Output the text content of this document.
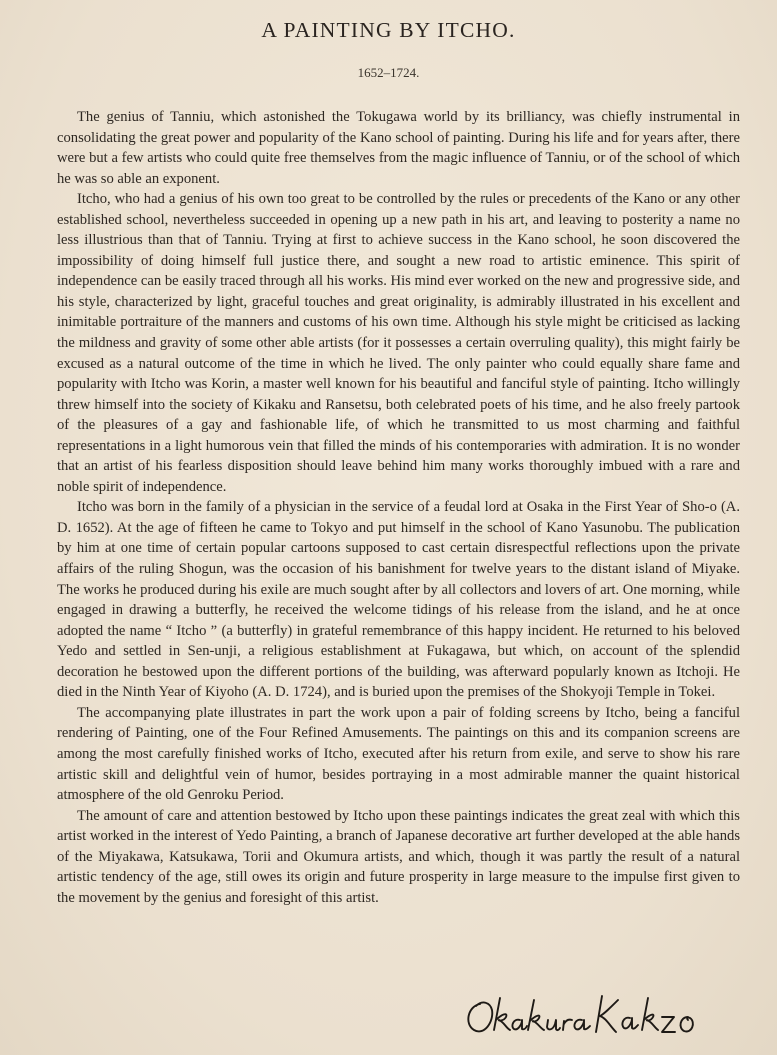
A PAINTING BY ITCHO.
1652–1724.

The genius of Tanniu, which astonished the Tokugawa world by its brilliancy, was chiefly instrumental in consolidating the great power and popularity of the Kano school of painting. During his life and for years after, there were but a few artists who could quite free themselves from the magic influence of Tanniu, or of the school of which he was so able an exponent.

Itcho, who had a genius of his own too great to be controlled by the rules or precedents of the Kano or any other established school, nevertheless succeeded in opening up a new path in his art, and leaving to posterity a name no less illustrious than that of Tanniu. Trying at first to achieve success in the Kano school, he soon discovered the impossibility of doing himself full justice there, and sought a new road to artistic eminence. This spirit of independence can be easily traced through all his works. His mind ever worked on the new and progressive side, and his style, characterized by light, graceful touches and great originality, is admirably illustrated in his excellent and inimitable portraiture of the manners and customs of his own time. Although his style might be criticised as lacking the mildness and gravity of some other able artists (for it possesses a certain overruling quality), this might fairly be excused as a natural outcome of the time in which he lived. The only painter who could equally share fame and popularity with Itcho was Korin, a master well known for his beautiful and fanciful style of painting. Itcho willingly threw himself into the society of Kikaku and Ransetsu, both celebrated poets of his time, and he also freely partook of the pleasures of a gay and fashionable life, of which he transmitted to us most charming and faithful representations in a light humorous vein that filled the minds of his contemporaries with admiration. It is no wonder that an artist of his fearless disposition should leave behind him many works thoroughly imbued with a rare and noble spirit of independence.

Itcho was born in the family of a physician in the service of a feudal lord at Osaka in the First Year of Sho-o (A. D. 1652). At the age of fifteen he came to Tokyo and put himself in the school of Kano Yasunobu. The publication by him at one time of certain popular cartoons supposed to cast certain disrespectful reflections upon the private affairs of the ruling Shogun, was the occasion of his banishment for twelve years to the distant island of Miyake. The works he produced during his exile are much sought after by all collectors and lovers of art. One morning, while engaged in drawing a butterfly, he received the welcome tidings of his release from the island, and he at once adopted the name “ Itcho ” (a butterfly) in grateful remembrance of this happy incident. He returned to his beloved Yedo and settled in Sen-unji, a religious establishment at Fukagawa, but which, on account of the splendid decoration he bestowed upon the different portions of the building, was afterward popularly known as Itchoji. He died in the Ninth Year of Kiyoho (A. D. 1724), and is buried upon the premises of the Shokyoji Temple in Tokei.

The accompanying plate illustrates in part the work upon a pair of folding screens by Itcho, being a fanciful rendering of Painting, one of the Four Refined Amusements. The paintings on this and its companion screens are among the most carefully finished works of Itcho, executed after his return from exile, and serve to show his rare artistic skill and delightful vein of humor, besides portraying in a most admirable manner the quaint historical atmosphere of the old Genroku Period.

The amount of care and attention bestowed by Itcho upon these paintings indicates the great zeal with which this artist worked in the interest of Yedo Painting, a branch of Japanese decorative art further developed at the able hands of the Miyakawa, Katsukawa, Torii and Okumura artists, and which, though it was partly the result of a natural artistic tendency of the age, still owes its origin and future prosperity in large measure to the impulse first given to the movement by the genius and foresight of this artist.
